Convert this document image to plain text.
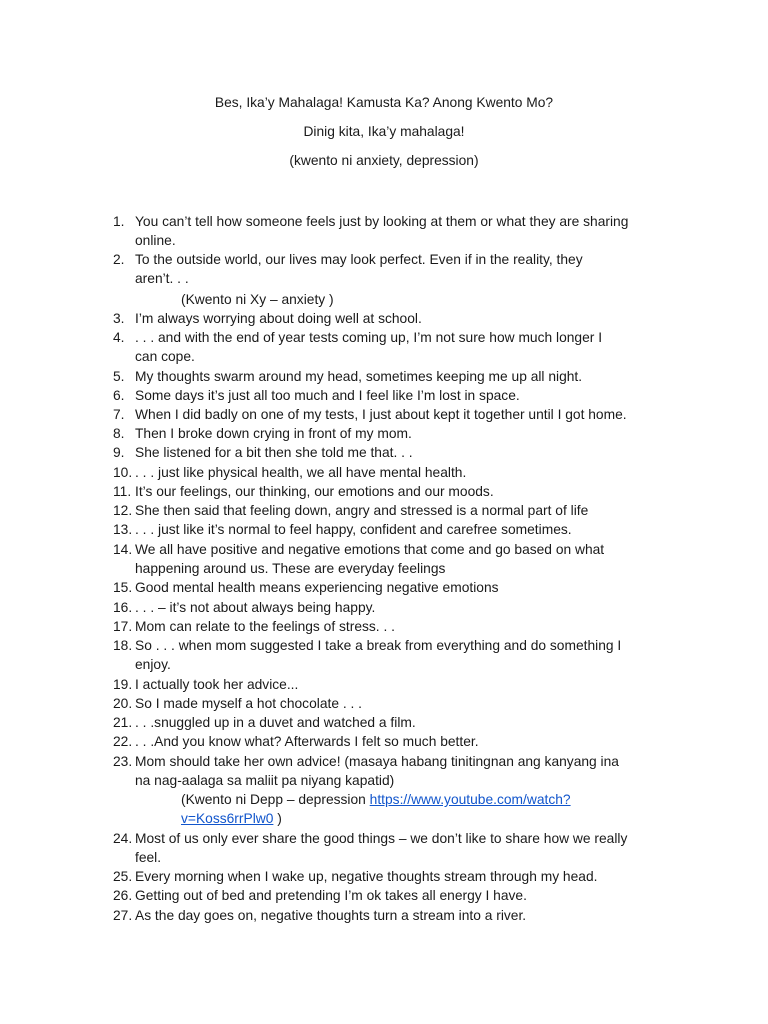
Bes, Ika’y Mahalaga! Kamusta Ka? Anong Kwento Mo?
Dinig kita, Ika’y mahalaga!
(kwento ni anxiety, depression)
1. You can’t tell how someone feels just by looking at them or what they are sharing
online.
2. To the outside world, our lives may look perfect. Even if in the reality, they
aren’t. . .
3. I’m always worrying about doing well at school.
4. . . . and with the end of year tests coming up, I’m not sure how much longer I
can cope.
5. My thoughts swarm around my head, sometimes keeping me up all night.
6. Some days it’s just all too much and I feel like I’m lost in space.
7. When I did badly on one of my tests, I just about kept it together until I got home.
8. Then I broke down crying in front of my mom.
9. She listened for a bit then she told me that. . .
10. . . . just like physical health, we all have mental health.
11. It’s our feelings, our thinking, our emotions and our moods.
12. She then said that feeling down, angry and stressed is a normal part of life
13. . . . just like it’s normal to feel happy, confident and carefree sometimes.
14. We all have positive and negative emotions that come and go based on what
happening around us. These are everyday feelings
15. Good mental health means experiencing negative emotions
16. . . . – it’s not about always being happy.
17. Mom can relate to the feelings of stress. . .
18. So . . . when mom suggested I take a break from everything and do something I
enjoy.
19. I actually took her advice...
20. So I made myself a hot chocolate . . .
21. . . .snuggled up in a duvet and watched a film.
22. . . .And you know what? Afterwards I felt so much better.
23. Mom should take her own advice! (masaya habang tinitingnan ang kanyang ina
na nag-aalaga sa maliit pa niyang kapatid)
24. Most of us only ever share the good things – we don’t like to share how we really
feel.
25. Every morning when I wake up, negative thoughts stream through my head.
26. Getting out of bed and pretending I’m ok takes all energy I have.
27. As the day goes on, negative thoughts turn a stream into a river.
(Kwento ni Xy – anxiety )
(Kwento ni Depp – depression https://www.youtube.com/watch?
v=Koss6rrPlw0 )
